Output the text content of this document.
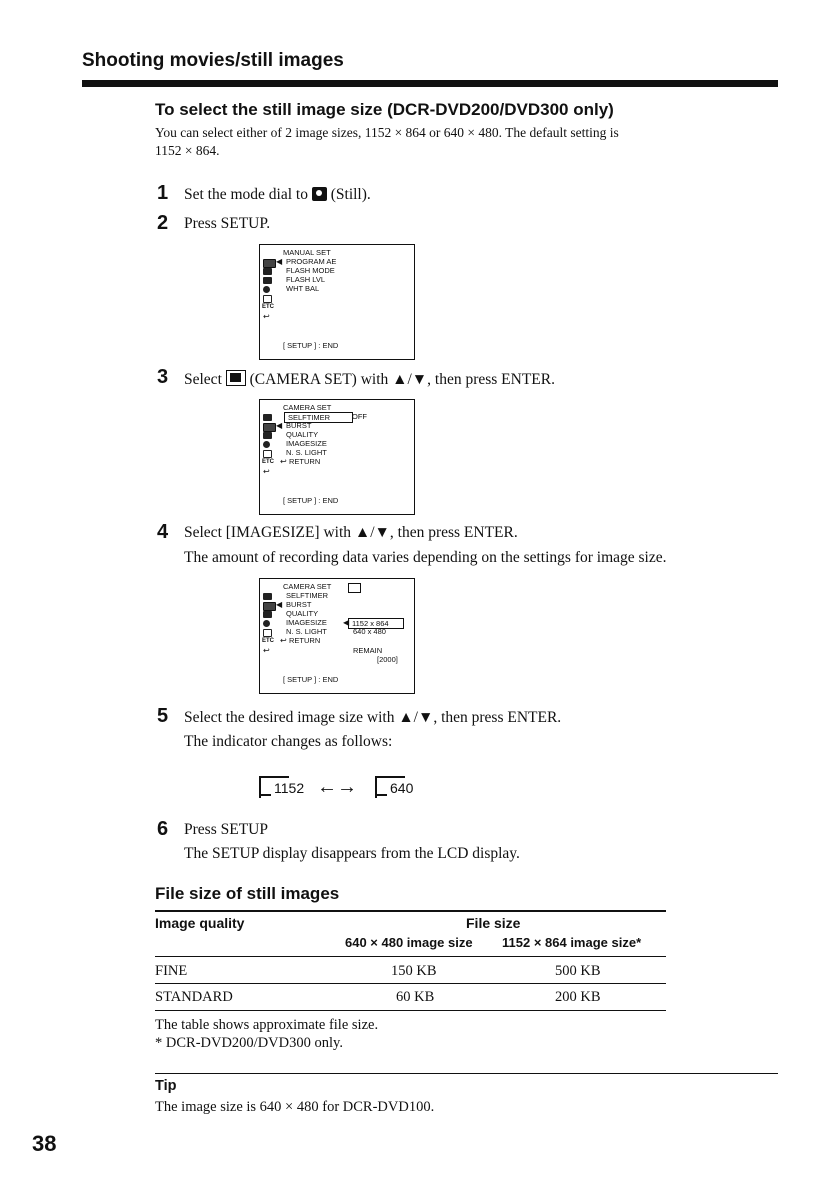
Shooting movies/still images
To select the still image size (DCR-DVD200/DVD300 only)
You can select either of 2 image sizes, 1152 × 864 or 640 × 480. The default setting is
1152 × 864.
1 Set the mode dial to (Still).
2 Press SETUP.
MANUAL SET
◀ PROGRAM AE
FLASH MODE
FLASH LVL
WHT BAL
ETC
↩
[ SETUP ] : END
3 Select (CAMERA SET) with ▲/▼, then press ENTER.
CAMERA SET
SELFTIMER	OFF
◀ BURST
QUALITY
IMAGESIZE
N. S. LIGHT
ETC ↩ RETURN
↩
[ SETUP ] : END
4 Select [IMAGESIZE] with ▲/▼, then press ENTER.
The amount of recording data varies depending on the settings for image size.
CAMERA SET
SELFTIMER
◀ BURST
QUALITY
IMAGESIZE ◀ 1152 x 864
640 x 480
N. S. LIGHT
ETC ↩ RETURN
↩	REMAIN
[2000]
[ SETUP ] : END
5 Select the desired image size with ▲/▼, then press ENTER.
The indicator changes as follows:
1152 ←→ 640
6 Press SETUP
The SETUP display disappears from the LCD display.
File size of still images
Image quality	File size
640 × 480 image size 1152 × 864 image size*
FINE	150 KB	500 KB
STANDARD	60 KB	200 KB
The table shows approximate file size.
* DCR-DVD200/DVD300 only.
Tip
The image size is 640 × 480 for DCR-DVD100.
38
